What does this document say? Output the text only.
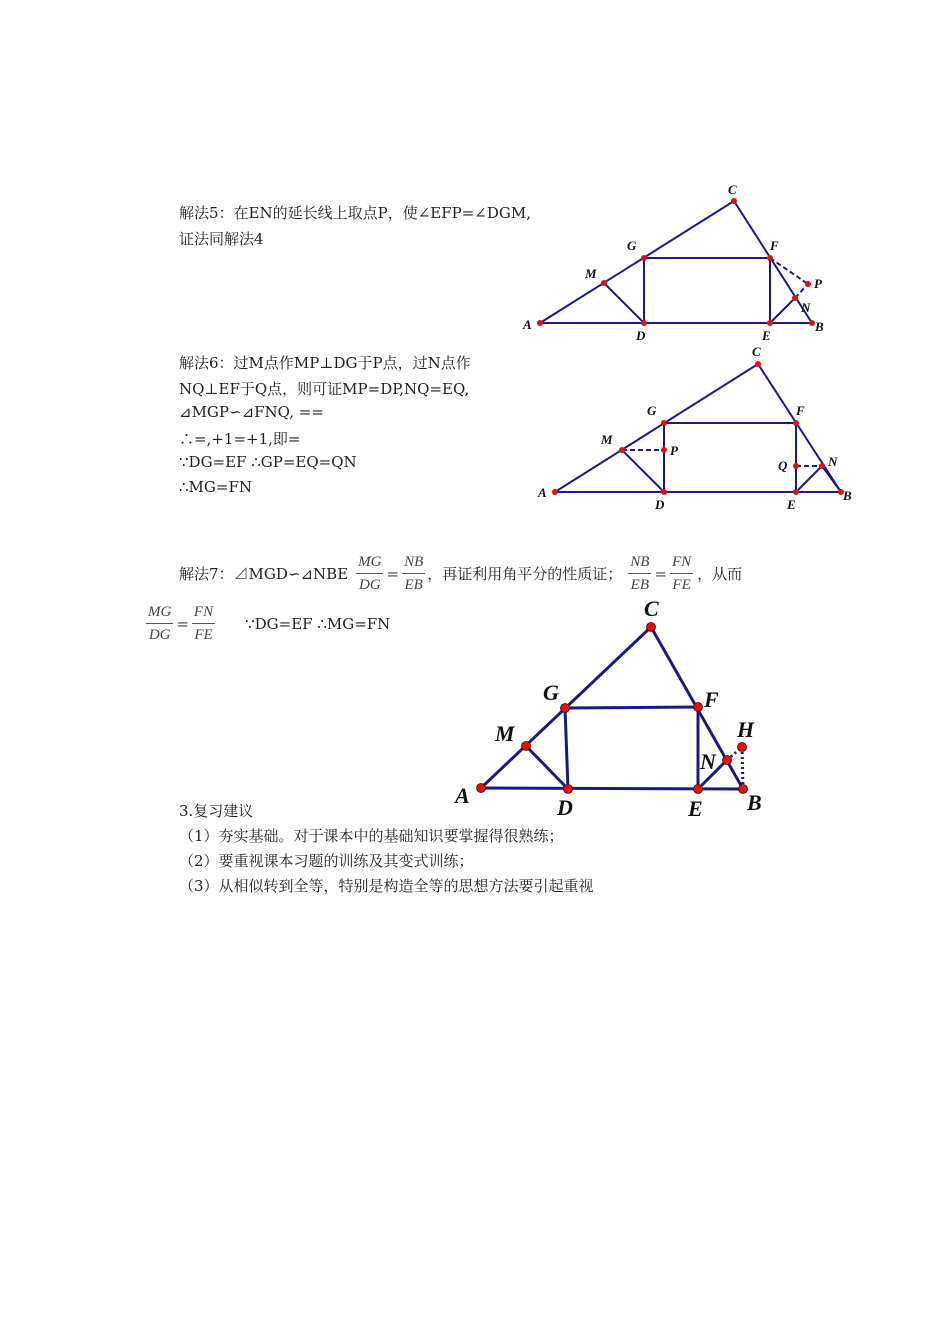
解法5：在EN的延长线上取点P，使∠EFP=∠DGM,
证法同解法4
C
G	F
P
M
N
A
D	E
B
解法6：过M点作MP⊥DG于P点，过N点作
NQ⊥EF于Q点，则可证MP=DP,NQ=EQ,
⊿MGP∽⊿FNQ, ==
∴=,+1=+1,即=
∵DG=EF ∴GP=EQ=QN
∴MG=FN
C
G	F
M
P
Q	N
A
D	E
B
解法7：⊿MGD∽⊿NBE $\frac{MG}{DG} = \frac{NB}{EB}$ ，再证利用角平分的性质证； $\frac{NB}{EB} = \frac{FN}{FE}$ ，从而
$\frac{MG}{DG} = \frac{FN}{FE}$ ∵DG=EF ∴MG=FN
C
G	F
H
M
N
A	D	E B
3.复习建议
（1）夯实基础。对于课本中的基础知识要掌握得很熟练；
（2）要重视课本习题的训练及其变式训练；
（3）从相似转到全等，特别是构造全等的思想方法要引起重视
